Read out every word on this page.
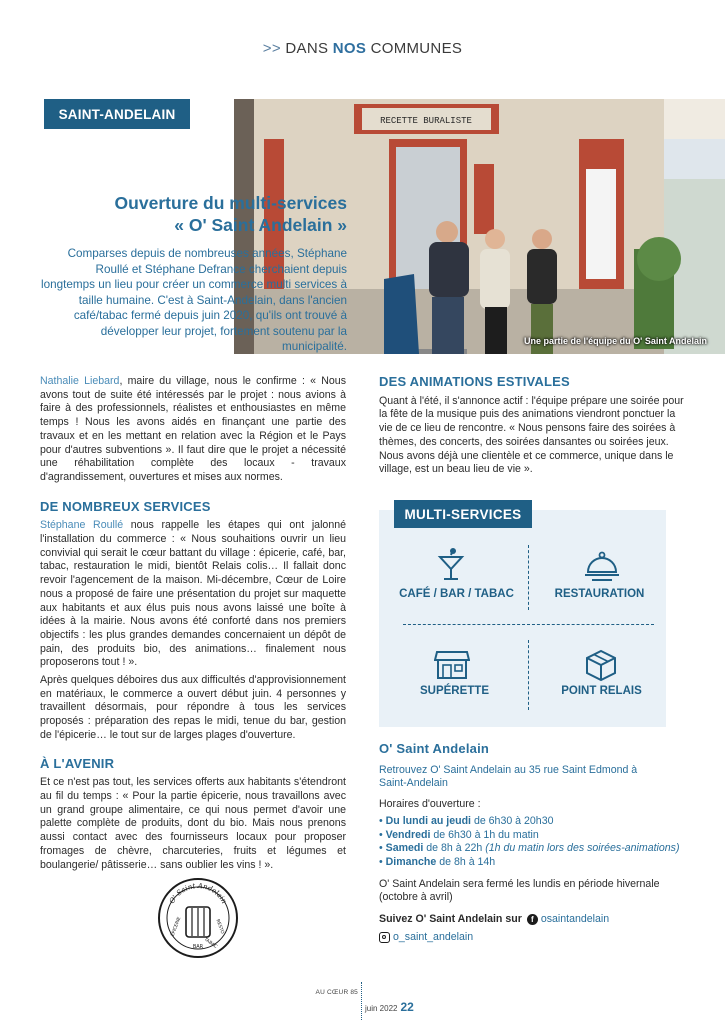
>> DANS NOS COMMUNES
SAINT-ANDELAIN	RECETTE BURALISTE
Une partie de l'équipe du O' Saint Andelain
Ouverture du multi-services
« O' Saint Andelain »
Comparses depuis de nombreuses années, Stéphane Roullé et Stéphane Defrance cherchaient depuis longtemps un lieu pour créer un commerce multi services à taille humaine. C'est à Saint-Andelain, dans l'ancien café/tabac fermé depuis juin 2020, qu'ils ont trouvé à développer leur projet, fortement soutenu par la municipalité.

Nathalie Liebard, maire du village, nous le confirme : « Nous avons tout de suite été intéressés par le projet : nous avions à faire à des professionnels, réalistes et enthousiastes en même temps ! Nous les avons aidés en finançant une partie des travaux et en les mettant en relation avec la Région et le Pays pour d'autres subventions ». Il faut dire que le projet a nécessité une réhabilitation complète des locaux - travaux d'agrandissement, ouvertures et mises aux normes.

DE NOMBREUX SERVICES

Stéphane Roullé nous rappelle les étapes qui ont jalonné l'installation du commerce : « Nous souhaitions ouvrir un lieu convivial qui serait le cœur battant du village : épicerie, café, bar, tabac, restauration le midi, bientôt Relais colis… Il fallait donc revoir l'agencement de la maison. Mi-décembre, Cœur de Loire nous a proposé de faire une présentation du projet sur maquette aux habitants et aux élus puis nous avons laissé une boîte à idées à la mairie. Nous avons été conforté dans nos premiers objectifs : les plus grandes demandes concernaient un dépôt de pain, des produits bio, des animations… finalement nous proposerons tout ! ».

Après quelques déboires dus aux difficultés d'approvisionnement en matériaux, le commerce a ouvert début juin. 4 personnes y travaillent désormais, pour répondre à tous les services proposés : préparation des repas le midi, tenue du bar, gestion de l'épicerie… le tout sur de larges plages d'ouverture.

À L'AVENIR

Et ce n'est pas tout, les services offerts aux habitants s'étendront au fil du temps : « Pour la partie épicerie, nous travaillons avec un grand groupe alimentaire, ce qui nous permet d'avoir une palette complète de produits, dont du bio. Mais nous prenons aussi contact avec des fournisseurs locaux pour proposer fromages de chèvre, charcuteries, fruits et légumes et boulangerie/ pâtisserie… sans oublier les vins ! ».

O' Saint Andelain
BAR
ÉPICERIE	RESTO
TABAC
DES ANIMATIONS ESTIVALES

Quant à l'été, il s'annonce actif : l'équipe prépare une soirée pour la fête de la musique puis des animations viendront ponctuer la vie de ce lieu de rencontre. « Nous pensons faire des soirées à thèmes, des concerts, des soirées dansantes ou soirées jeux. Nous avons déjà une clientèle et ce commerce, unique dans le village, est un beau lieu de vie ».

MULTI-SERVICES
CAFÉ / BAR / TABAC	RESTAURATION
SUPÉRETTE	POINT RELAIS
O' Saint Andelain
Retrouvez O' Saint Andelain au 35 rue Saint Edmond à Saint-Andelain
Horaires d'ouverture :
• Du lundi au jeudi de 6h30 à 20h30
• Vendredi de 6h30 à 1h du matin
• Samedi de 8h à 22h (1h du matin lors des soirées-animations)
• Dimanche de 8h à 14h
O' Saint Andelain sera fermé les lundis en période hivernale (octobre à avril)
Suivez O' Saint Andelain sur	f osaintandelain
o_saint_andelain
AU CŒUR 85
juin 2022 22
